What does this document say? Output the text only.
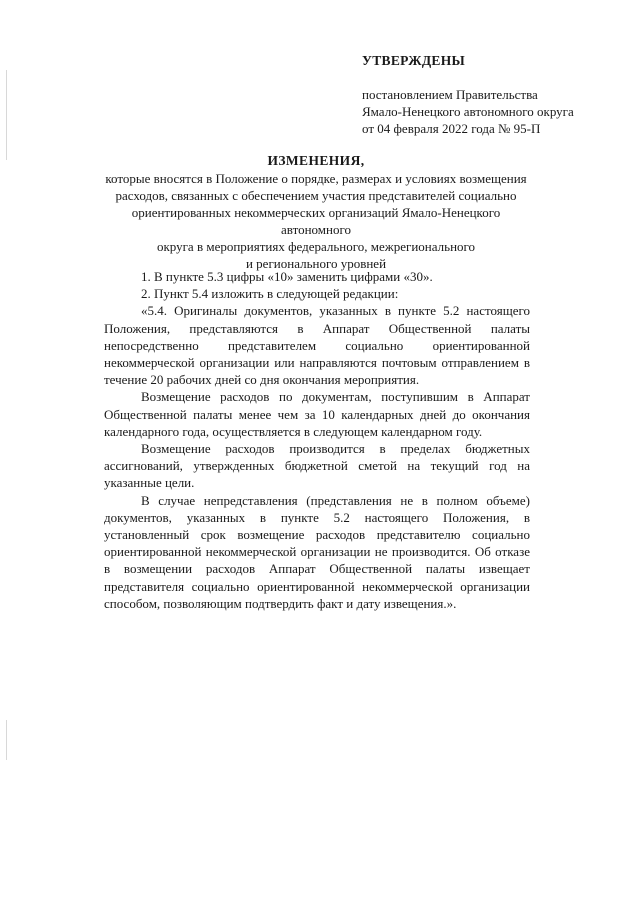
УТВЕРЖДЕНЫ
постановлением Правительства
Ямало-Ненецкого автономного округа
от 04 февраля 2022 года № 95-П
ИЗМЕНЕНИЯ,
которые вносятся в Положение о порядке, размерах и условиях возмещения
расходов, связанных с обеспечением участия представителей социально
ориентированных некоммерческих организаций Ямало-Ненецкого автономного
округа в мероприятиях федерального, межрегионального
и регионального уровней

1. В пункте 5.3 цифры «10» заменить цифрами «30».

2. Пункт 5.4 изложить в следующей редакции:

«5.4. Оригиналы документов, указанных в пункте 5.2 настоящего Положения, представляются в Аппарат Общественной палаты непосредственно представителем социально ориентированной некоммерческой организации или направляются почтовым отправлением в течение 20 рабочих дней со дня окончания мероприятия.

Возмещение расходов по документам, поступившим в Аппарат Общественной палаты менее чем за 10 календарных дней до окончания календарного года, осуществляется в следующем календарном году.

Возмещение расходов производится в пределах бюджетных ассигнований, утвержденных бюджетной сметой на текущий год на указанные цели.

В случае непредставления (представления не в полном объеме) документов, указанных в пункте 5.2 настоящего Положения, в установленный срок возмещение расходов представителю социально ориентированной некоммерческой организации не производится. Об отказе в возмещении расходов Аппарат Общественной палаты извещает представителя социально ориентированной некоммерческой организации способом, позволяющим подтвердить факт и дату извещения.».
